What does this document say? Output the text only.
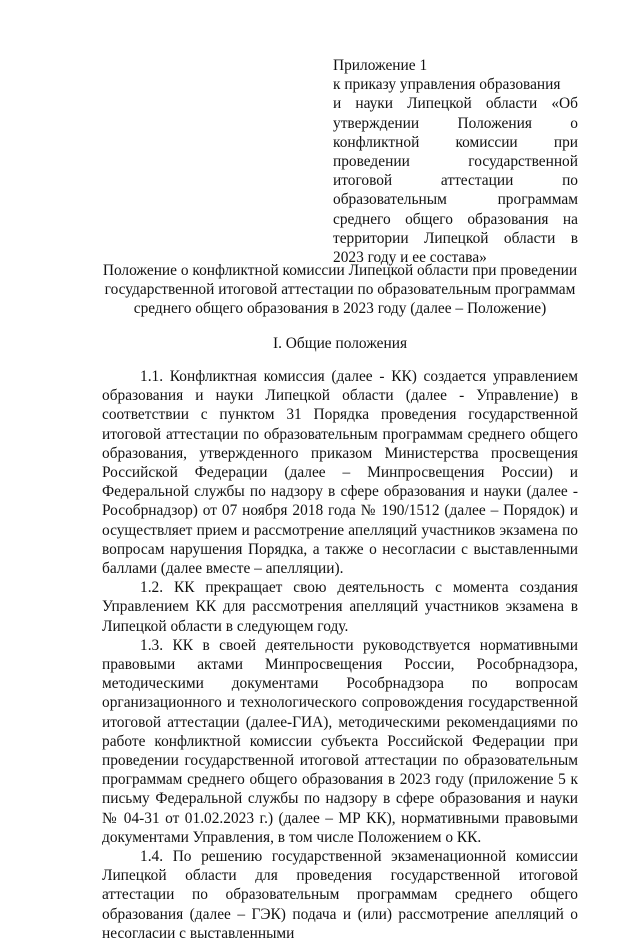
Приложение 1
к приказу управления образования
и науки Липецкой области «Об утверждении Положения о конфликтной комиссии при проведении государственной итоговой аттестации по образовательным программам среднего общего образования на территории Липецкой области в 2023 году и ее состава»
Положение о конфликтной комиссии Липецкой области при проведении государственной итоговой аттестации по образовательным программам среднего общего образования в 2023 году (далее – Положение)
I. Общие положения

1.1. Конфликтная комиссия (далее - КК) создается управлением образования и науки Липецкой области (далее - Управление) в соответствии с пунктом 31 Порядка проведения государственной итоговой аттестации по образовательным программам среднего общего образования, утвержденного приказом Министерства просвещения Российской Федерации (далее – Минпросвещения России) и Федеральной службы по надзору в сфере образования и науки (далее - Рособрнадзор) от 07 ноября 2018 года № 190/1512 (далее – Порядок) и осуществляет прием и рассмотрение апелляций участников экзамена по вопросам нарушения Порядка, а также о несогласии с выставленными баллами (далее вместе – апелляции).

1.2. КК прекращает свою деятельность с момента создания Управлением КК для рассмотрения апелляций участников экзамена в Липецкой области в следующем году.

1.3. КК в своей деятельности руководствуется нормативными правовыми актами Минпросвещения России, Рособрнадзора, методическими документами Рособрнадзора по вопросам организационного и технологического сопровождения государственной итоговой аттестации (далее-ГИА), методическими рекомендациями по работе конфликтной комиссии субъекта Российской Федерации при проведении государственной итоговой аттестации по образовательным программам среднего общего образования в 2023 году (приложение 5 к письму Федеральной службы по надзору в сфере образования и науки № 04-31 от 01.02.2023 г.) (далее – МР КК), нормативными правовыми документами Управления, в том числе Положением о КК.

1.4. По решению государственной экзаменационной комиссии Липецкой области для проведения государственной итоговой аттестации по образовательным программам среднего общего образования (далее – ГЭК) подача и (или) рассмотрение апелляций о несогласии с выставленными
